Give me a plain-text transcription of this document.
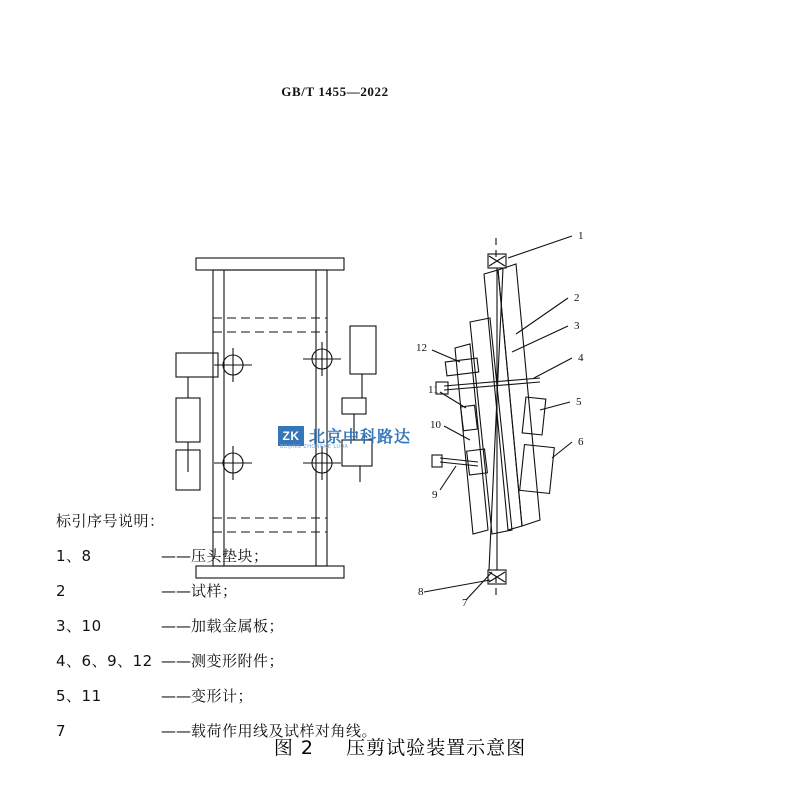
GB/T 1455—2022
1
2
3
4
5
6
12
11
10
9
8
7
ZK 北京中科路达
BEIJING ZHONGKE LUDA
标引序号说明：
1、8	—— 压头垫块；
2	—— 试样；
3、10	—— 加载金属板；
4、6、9、12 —— 测变形附件；
5、11	—— 变形计；
7	—— 载荷作用线及试样对角线。
图 2 压剪试验装置示意图
